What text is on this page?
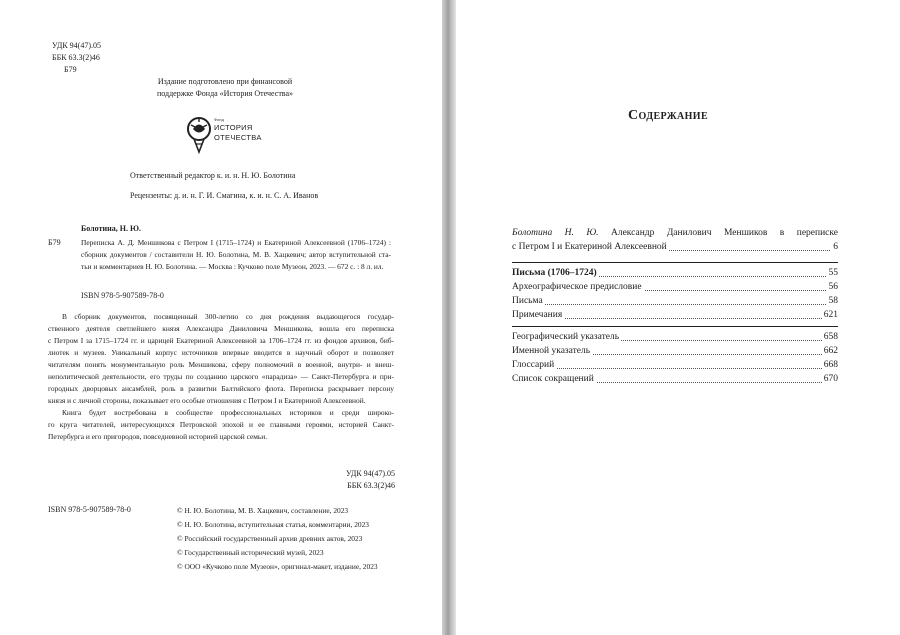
УДК 94(47).05
ББК 63.3(2)46
Б79
Издание подготовлено при финансовой
поддержке Фонда «История Отечества»
Фонд
ИСТОРИЯ
ОТЕЧЕСТВА
Ответственный редактор к. и. н. Н. Ю. Болотина
Рецензенты: д. и. н. Г. И. Смагина, к. и. н. С. А. Иванов
Болотина, Н. Ю.
Б79	Переписка А. Д. Меншикова с Петром I (1715–1724) и Екатериной Алексеевной (1706–1724) :
сборник документов / составители Н. Ю. Болотина, М. В. Хацкевич; автор вступительной ста-
тьи и комментариев Н. Ю. Болотина. — Москва : Кучково поле Музеон, 2023. — 672 с. : 8 л. ил.
ISBN 978-5-907589-78-0
В сборник документов, посвященный 300-летию со дня рождения выдающегося государ-
ственного деятеля светлейшего князя Александра Даниловича Меншикова, вошла его переписка
с Петром I за 1715–1724 гг. и царицей Екатериной Алексеевной за 1706–1724 гг. из фондов архивов, биб-
лиотек и музеев. Уникальный корпус источников впервые вводится в научный оборот и позволяет
читателям понять монументальную роль Меншикова, сферу полномочий в военной, внутри- и внеш-
неполитической деятельности, его труды по созданию царского «парадиза» — Санкт-Петербурга и при-
городных дворцовых ансамблей, роль в развитии Балтийского флота. Переписка раскрывает персону
князя и с личной стороны, показывает его особые отношения с Петром I и Екатериной Алексеевной.
Книга будет востребована в сообществе профессиональных историков и среди широко-
го круга читателей, интересующихся Петровской эпохой и ее главными героями, историей Санкт-
Петербурга и его пригородов, повседневной историей царской семьи.
УДК 94(47).05
ББК 63.3(2)46
ISBN 978-5-907589-78-0	© Н. Ю. Болотина, М. В. Хацкевич, составление, 2023
© Н. Ю. Болотина, вступительная статья, комментарии, 2023
© Российский государственный архив древних актов, 2023
© Государственный исторический музей, 2023
© ООО «Кучково поле Музеон», оригинал-макет, издание, 2023
Содержание
Болотина Н. Ю. Александр Данилович Меншиков в переписке
с Петром I и Екатериной Алексеевной	6
Письма (1706–1724)	55
Археографическое предисловие	56
Письма	58
Примечания	621
Географический указатель	658
Именной указатель	662
Глоссарий	668
Список сокращений	670
